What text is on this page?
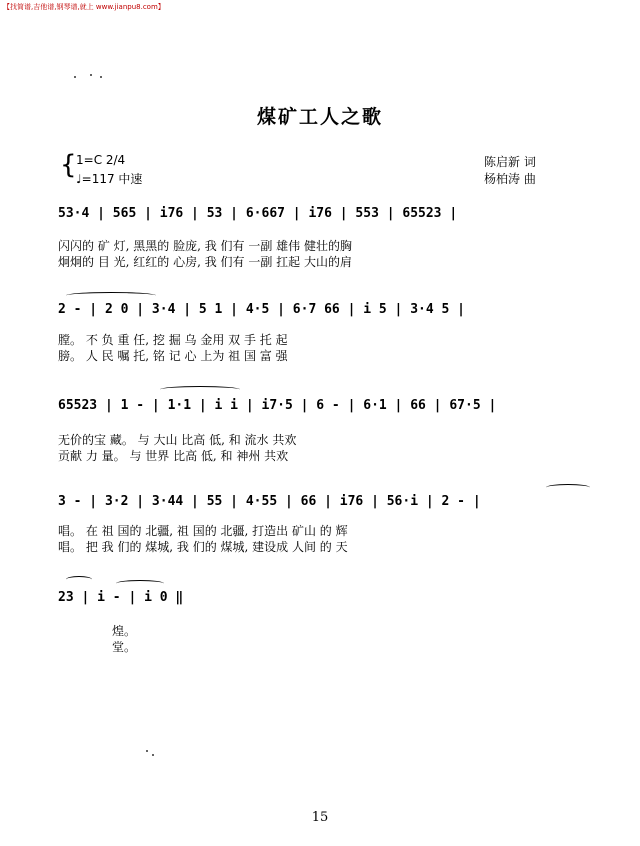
【找简谱,吉他谱,钢琴谱,就上 www.jianpu8.com】
煤矿工人之歌
{ 1=C 2/4
♩=117 中速
陈启新 词
杨柏涛 曲
53·4 | 565 | i76 | 53 | 6·667 | i76 | 553 | 65523 |
闪闪的 矿 灯, 黑黑的 脸庞, 我 们有 一副 雄伟 健壮的胸
炯炯的 目 光, 红红的 心房, 我 们有 一副 扛起 大山的肩
2 - | 2 0 | 3·4 | 5 1 | 4·5 | 6·7 66 | i 5 | 3·4 5 |
膛。 不 负 重 任, 挖 掘 乌 金用 双 手 托 起
膀。 人 民 嘱 托, 铭 记 心 上为 祖 国 富 强
65523 | 1 - | 1·1 | i i | i7·5 | 6 - | 6·1 | 66 | 67·5 |
无价的宝 藏。 与 大山 比高 低, 和 流水 共欢
贡献 力 量。 与 世界 比高 低, 和 神州 共欢
3 - | 3·2 | 3·44 | 55 | 4·55 | 66 | i76 | 56·i | 2 - |
唱。 在 祖 国的 北疆, 祖 国的 北疆, 打造出 矿山 的 辉
唱。 把 我 们的 煤城, 我 们的 煤城, 建设成 人间 的 天
23 | i - | i 0 ‖
煌。
堂。
15
